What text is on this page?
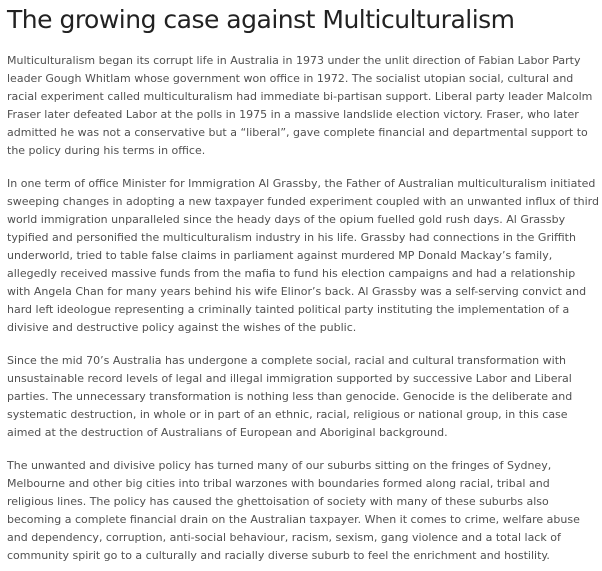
The growing case against Multiculturalism

Multiculturalism began its corrupt life in Australia in 1973 under the unlit direction of Fabian Labor Party leader Gough Whitlam whose government won office in 1972. The socialist utopian social, cultural and racial experiment called multiculturalism had immediate bi-partisan support. Liberal party leader Malcolm Fraser later defeated Labor at the polls in 1975 in a massive landslide election victory. Fraser, who later admitted he was not a conservative but a “liberal”, gave complete financial and departmental support to the policy during his terms in office.

In one term of office Minister for Immigration Al Grassby, the Father of Australian multiculturalism initiated sweeping changes in adopting a new taxpayer funded experiment coupled with an unwanted influx of third world immigration unparalleled since the heady days of the opium fuelled gold rush days. Al Grassby typified and personified the multiculturalism industry in his life. Grassby had connections in the Griffith underworld, tried to table false claims in parliament against murdered MP Donald Mackay’s family, allegedly received massive funds from the mafia to fund his election campaigns and had a relationship with Angela Chan for many years behind his wife Elinor’s back. Al Grassby was a self-serving convict and hard left ideologue representing a criminally tainted political party instituting the implementation of a divisive and destructive policy against the wishes of the public.

Since the mid 70’s Australia has undergone a complete social, racial and cultural transformation with unsustainable record levels of legal and illegal immigration supported by successive Labor and Liberal parties. The unnecessary transformation is nothing less than genocide. Genocide is the deliberate and systematic destruction, in whole or in part of an ethnic, racial, religious or national group, in this case aimed at the destruction of Australians of European and Aboriginal background.

The unwanted and divisive policy has turned many of our suburbs sitting on the fringes of Sydney, Melbourne and other big cities into tribal warzones with boundaries formed along racial, tribal and religious lines. The policy has caused the ghettoisation of society with many of these suburbs also becoming a complete financial drain on the Australian taxpayer. When it comes to crime, welfare abuse and dependency, corruption, anti-social behaviour, racism, sexism, gang violence and a total lack of community spirit go to a culturally and racially diverse suburb to feel the enrichment and hostility.
